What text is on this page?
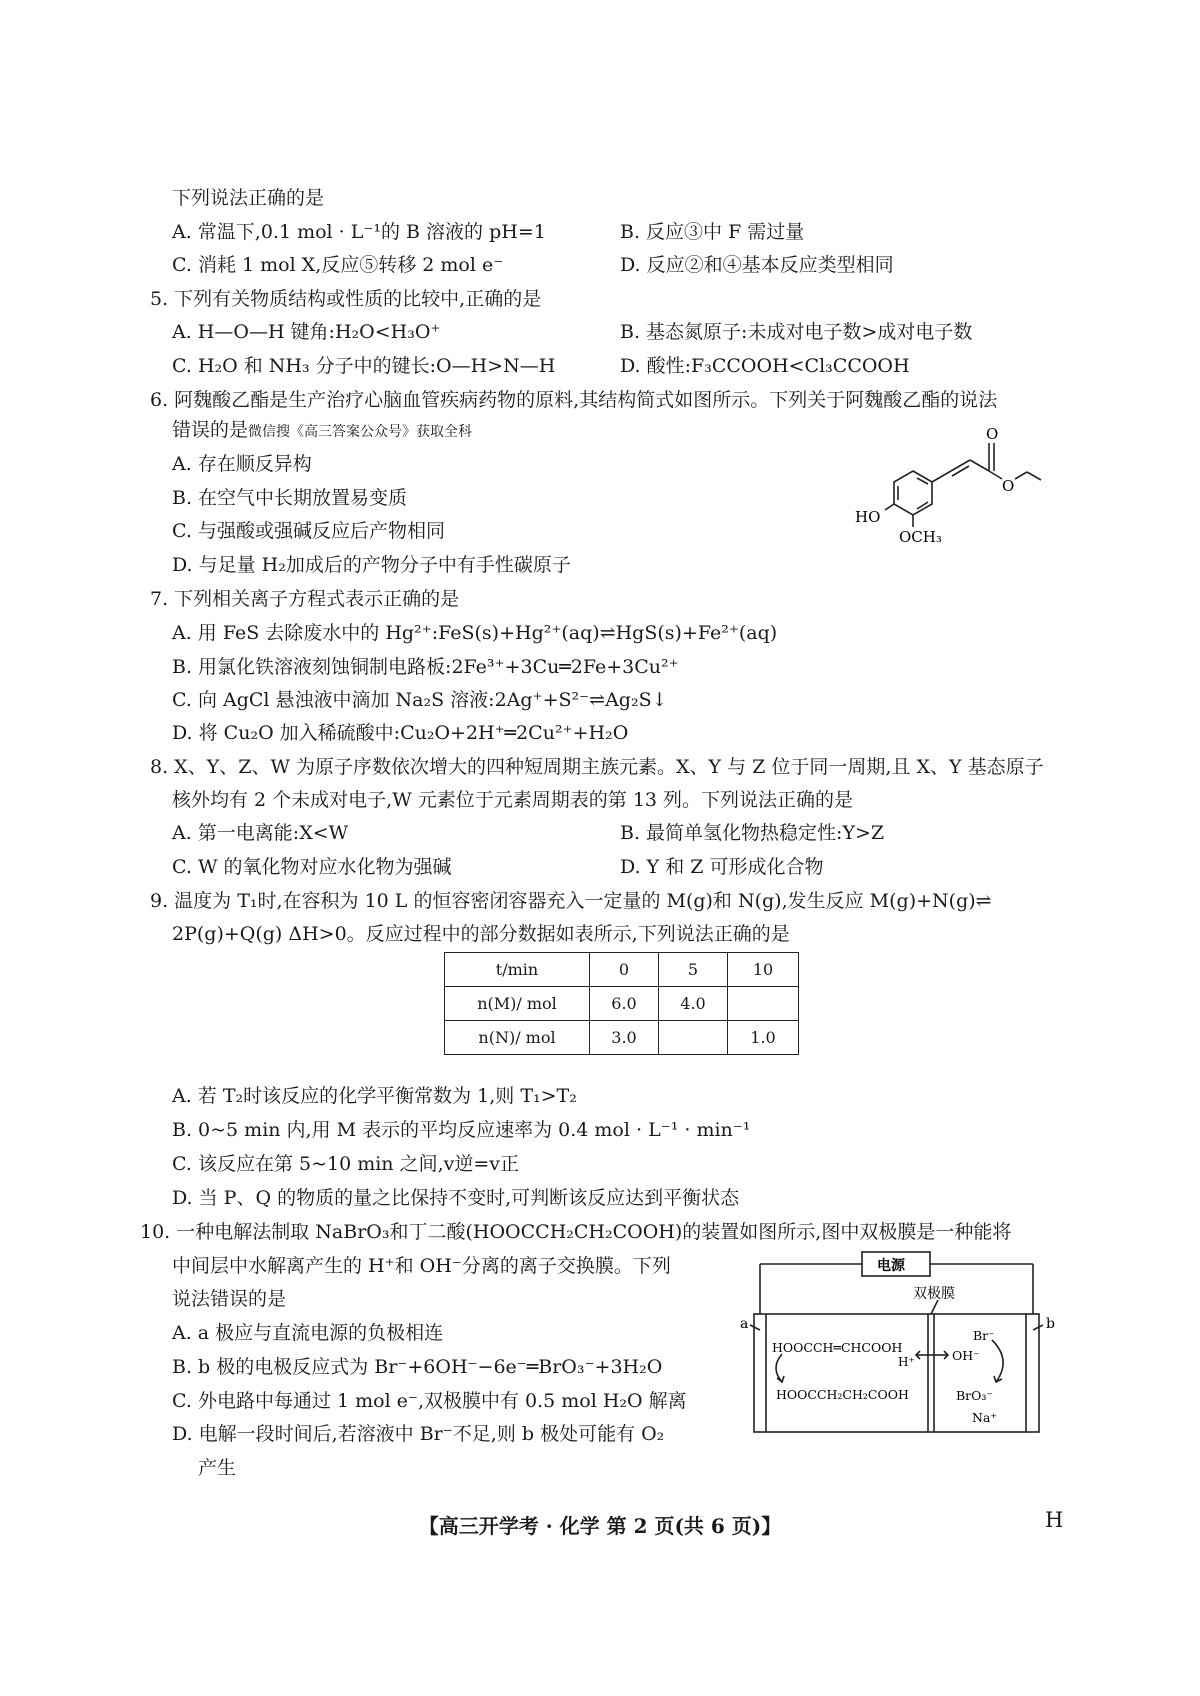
下列说法正确的是
A. 常温下,0.1 mol · L⁻¹的 B 溶液的 pH=1	B. 反应③中 F 需过量
C. 消耗 1 mol X,反应⑤转移 2 mol e⁻	D. 反应②和④基本反应类型相同
5. 下列有关物质结构或性质的比较中,正确的是
A. H—O—H 键角:H₂O<H₃O⁺	B. 基态氮原子:未成对电子数>成对电子数
C. H₂O 和 NH₃ 分子中的键长:O—H>N—H	D. 酸性:F₃CCOOH<Cl₃CCOOH
6. 阿魏酸乙酯是生产治疗心脑血管疾病药物的原料,其结构简式如图所示。下列关于阿魏酸乙酯的说法
错误的是微信搜《高三答案公众号》获取全科
A. 存在顺反异构
B. 在空气中长期放置易变质
C. 与强酸或强碱反应后产物相同
D. 与足量 H₂加成后的产物分子中有手性碳原子
O
O
HO
OCH₃
7. 下列相关离子方程式表示正确的是
A. 用 FeS 去除废水中的 Hg²⁺:FeS(s)+Hg²⁺(aq)⇌HgS(s)+Fe²⁺(aq)
B. 用氯化铁溶液刻蚀铜制电路板:2Fe³⁺+3Cu═2Fe+3Cu²⁺
C. 向 AgCl 悬浊液中滴加 Na₂S 溶液:2Ag⁺+S²⁻⇌Ag₂S↓
D. 将 Cu₂O 加入稀硫酸中:Cu₂O+2H⁺═2Cu²⁺+H₂O
8. X、Y、Z、W 为原子序数依次增大的四种短周期主族元素。X、Y 与 Z 位于同一周期,且 X、Y 基态原子
核外均有 2 个未成对电子,W 元素位于元素周期表的第 13 列。下列说法正确的是
A. 第一电离能:X<W	B. 最简单氢化物热稳定性:Y>Z
C. W 的氧化物对应水化物为强碱	D. Y 和 Z 可形成化合物
9. 温度为 T₁时,在容积为 10 L 的恒容密闭容器充入一定量的 M(g)和 N(g),发生反应 M(g)+N(g)⇌
2P(g)+Q(g) ΔH>0。反应过程中的部分数据如表所示,下列说法正确的是
t/min	0	5	10
n(M)/ mol	6.0	4.0	
n(N)/ mol	3.0		1.0
A. 若 T₂时该反应的化学平衡常数为 1,则 T₁>T₂
B. 0~5 min 内,用 M 表示的平均反应速率为 0.4 mol · L⁻¹ · min⁻¹
C. 该反应在第 5~10 min 之间,v逆=v正
D. 当 P、Q 的物质的量之比保持不变时,可判断该反应达到平衡状态
10. 一种电解法制取 NaBrO₃和丁二酸(HOOCCH₂CH₂COOH)的装置如图所示,图中双极膜是一种能将
中间层中水解离产生的 H⁺和 OH⁻分离的离子交换膜。下列
说法错误的是
A. a 极应与直流电源的负极相连
B. b 极的电极反应式为 Br⁻+6OH⁻−6e⁻═BrO₃⁻+3H₂O
C. 外电路中每通过 1 mol e⁻,双极膜中有 0.5 mol H₂O 解离
D. 电解一段时间后,若溶液中 Br⁻不足,则 b 极处可能有 O₂
产生
电源
双极膜
a	b
HOOCCH═CHCOOH
HOOCCH₂CH₂COOH
H⁺	OH⁻
Br⁻
BrO₃⁻
Na⁺
【高三开学考 · 化学 第 2 页(共 6 页)】	H
